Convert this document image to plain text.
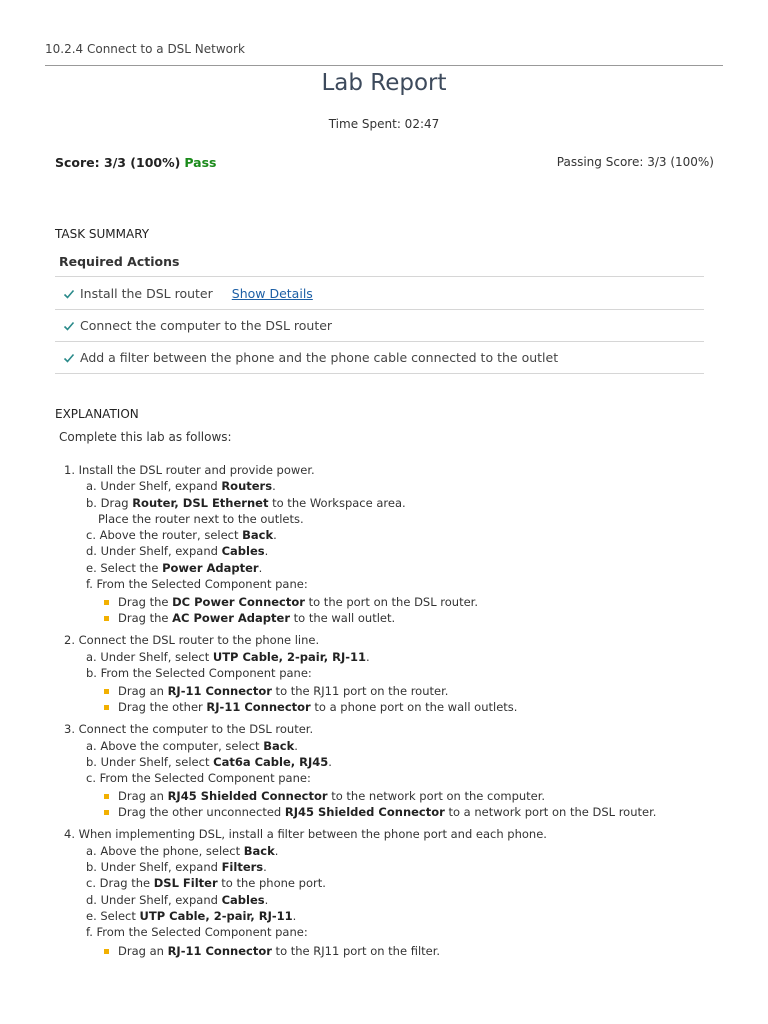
10.2.4 Connect to a DSL Network
Lab Report
Time Spent: 02:47
Score: 3/3 (100%) Pass	Passing Score: 3/3 (100%)
TASK SUMMARY
Required Actions
Install the DSL router Show Details
Connect the computer to the DSL router
Add a filter between the phone and the phone cable connected to the outlet
EXPLANATION
Complete this lab as follows:
1. Install the DSL router and provide power.
a. Under Shelf, expand Routers.
b. Drag Router, DSL Ethernet to the Workspace area.
Place the router next to the outlets.
c. Above the router, select Back.
d. Under Shelf, expand Cables.
e. Select the Power Adapter.
f. From the Selected Component pane:
Drag the DC Power Connector to the port on the DSL router.
Drag the AC Power Adapter to the wall outlet.
2. Connect the DSL router to the phone line.
a. Under Shelf, select UTP Cable, 2-pair, RJ-11.
b. From the Selected Component pane:
Drag an RJ-11 Connector to the RJ11 port on the router.
Drag the other RJ-11 Connector to a phone port on the wall outlets.
3. Connect the computer to the DSL router.
a. Above the computer, select Back.
b. Under Shelf, select Cat6a Cable, RJ45.
c. From the Selected Component pane:
Drag an RJ45 Shielded Connector to the network port on the computer.
Drag the other unconnected RJ45 Shielded Connector to a network port on the DSL router.
4. When implementing DSL, install a filter between the phone port and each phone.
a. Above the phone, select Back.
b. Under Shelf, expand Filters.
c. Drag the DSL Filter to the phone port.
d. Under Shelf, expand Cables.
e. Select UTP Cable, 2-pair, RJ-11.
f. From the Selected Component pane:
Drag an RJ-11 Connector to the RJ11 port on the filter.
